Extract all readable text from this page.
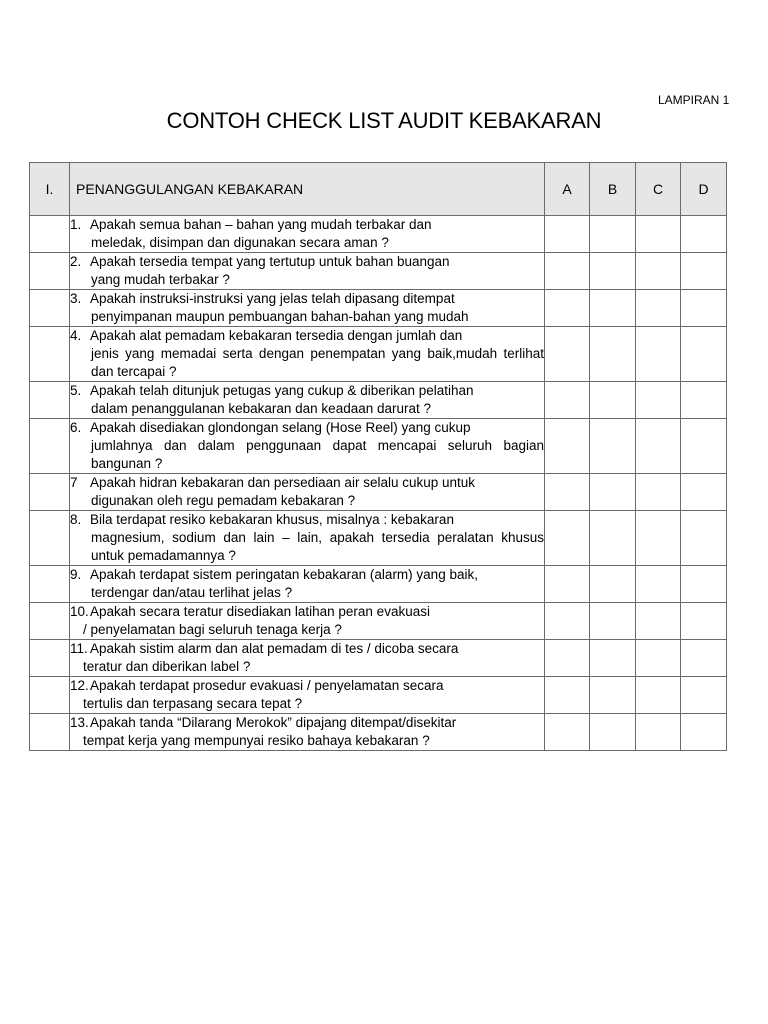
LAMPIRAN 1
CONTOH CHECK LIST AUDIT KEBAKARAN
I.	PENANGGULANGAN KEBAKARAN	A	B	C	D

	1. Apakah semua bahan – bahan yang mudah terbakar dan
meledak, disimpan dan digunakan secara aman ?				

	2. Apakah tersedia tempat yang tertutup untuk bahan buangan
yang mudah terbakar ?				

	3. Apakah instruksi-instruksi yang jelas telah dipasang ditempat
penyimpanan maupun pembuangan bahan-bahan yang mudah				

	4. Apakah alat pemadam kebakaran tersedia dengan jumlah dan
jenis yang memadai serta dengan penempatan yang baik,mudah terlihat dan tercapai ?				

	5. Apakah telah ditunjuk petugas yang cukup & diberikan pelatihan
dalam penanggulanan kebakaran dan keadaan darurat ?				

	6. Apakah disediakan glondongan selang (Hose Reel) yang cukup
jumlahnya dan dalam penggunaan dapat mencapai seluruh bagian bangunan ?				

	7 Apakah hidran kebakaran dan persediaan air selalu cukup untuk
digunakan oleh regu pemadam kebakaran ?				

	8. Bila terdapat resiko kebakaran khusus, misalnya : kebakaran
magnesium, sodium dan lain – lain, apakah tersedia peralatan khusus untuk pemadamannya ?				

	9. Apakah terdapat sistem peringatan kebakaran (alarm) yang baik,
terdengar dan/atau terlihat jelas ?				

	10.Apakah secara teratur disediakan latihan peran evakuasi
/ penyelamatan bagi seluruh tenaga kerja ?				

	11. Apakah sistim alarm dan alat pemadam di tes / dicoba secara
teratur dan diberikan label ?				

	12.Apakah terdapat prosedur evakuasi / penyelamatan secara
tertulis dan terpasang secara tepat ?				

	13.Apakah tanda “Dilarang Merokok” dipajang ditempat/disekitar
tempat kerja yang mempunyai resiko bahaya kebakaran ?				
